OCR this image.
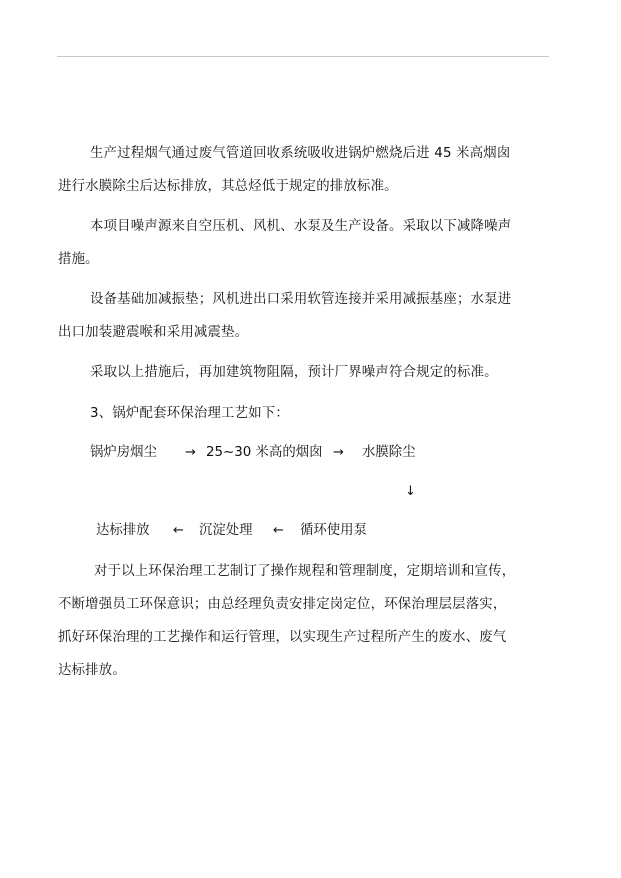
生产过程烟气通过废气管道回收系统吸收进锅炉燃烧后进 45 米高烟囱
进行水膜除尘后达标排放，其总烃低于规定的排放标准。
本项目噪声源来自空压机、风机、水泵及生产设备。采取以下减降噪声
措施。
设备基础加减振垫；风机进出口采用软管连接并采用减振基座；水泵进
出口加装避震喉和采用减震垫。
采取以上措施后，再加建筑物阻隔，预计厂界噪声符合规定的标准。
3、锅炉配套环保治理工艺如下：
锅炉房烟尘 → 25~30 米高的烟囱 → 水膜除尘
↓
达标排放 ← 沉淀处理 ← 循环使用泵
对于以上环保治理工艺制订了操作规程和管理制度，定期培训和宣传，
不断增强员工环保意识；由总经理负责安排定岗定位，环保治理层层落实，
抓好环保治理的工艺操作和运行管理，以实现生产过程所产生的废水、废气
达标排放。
